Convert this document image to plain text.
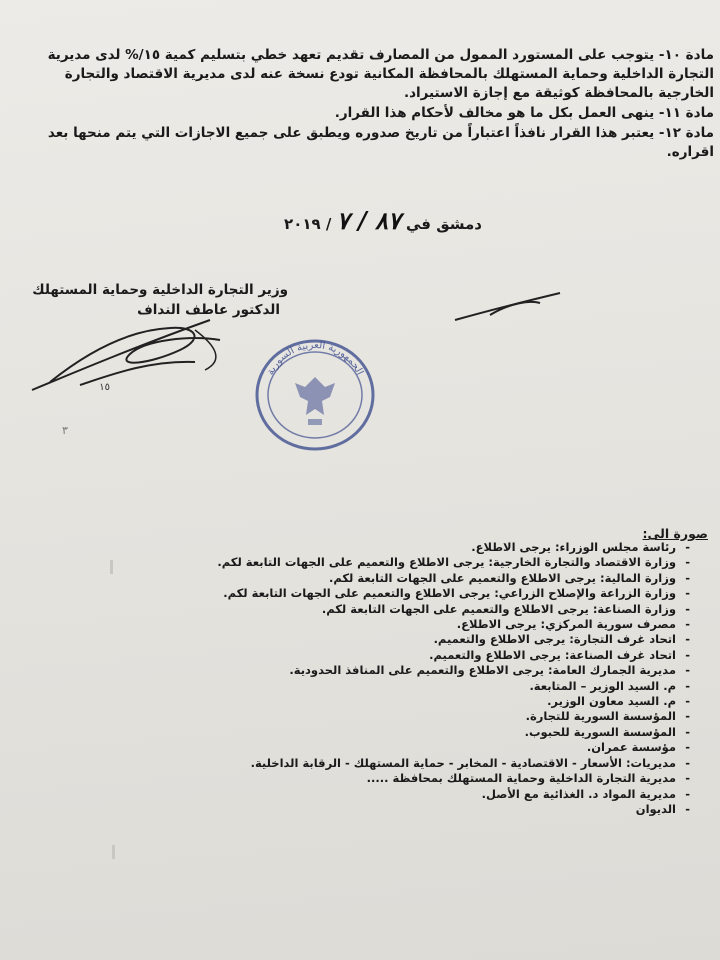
مادة ١٠- يتوجب على المستورد الممول من المصارف تقديم تعهد خطي بتسليم كمية ١٥/% لدى مديرية التجارة الداخلية وحماية المستهلك بالمحافظة المكانية تودع نسخة عنه لدى مديرية الاقتصاد والتجارة الخارجية بالمحافظة كوثيقة مع إجازة الاستيراد.

مادة ١١- ينهى العمل بكل ما هو مخالف لأحكام هذا القرار.

مادة ١٢- يعتبر هذا القرار نافذاً اعتباراً من تاريخ صدوره ويطبق على جميع الاجازات التي يتم منحها بعد اقراره.

دمشق في ٨٧ / ٧ / ٢٠١٩
وزير التجارة الداخلية وحماية المستهلك
الدكتور عاطف النداف
١٥
الجمهورية العربية السورية
٣
صورة الى:
- رئاسة مجلس الوزراء: يرجى الاطلاع.
- وزارة الاقتصاد والتجارة الخارجية: يرجى الاطلاع والتعميم على الجهات التابعة لكم.
- وزارة المالية: يرجى الاطلاع والتعميم على الجهات التابعة لكم.
- وزارة الزراعة والإصلاح الزراعي: يرجى الاطلاع والتعميم على الجهات التابعة لكم.
- وزارة الصناعة: يرجى الاطلاع والتعميم على الجهات التابعة لكم.
- مصرف سورية المركزي: يرجى الاطلاع.
- اتحاد غرف التجارة: يرجى الاطلاع والتعميم.
- اتحاد غرف الصناعة: يرجى الاطلاع والتعميم.
- مديرية الجمارك العامة: يرجى الاطلاع والتعميم على المنافذ الحدودية.
- م. السيد الوزير – المتابعة.
- م. السيد معاون الوزير.
- المؤسسة السورية للتجارة.
- المؤسسة السورية للحبوب.
- مؤسسة عمران.
- مديريات: الأسعار - الاقتصادية - المخابر - حماية المستهلك - الرقابة الداخلية.
- مديرية التجارة الداخلية وحماية المستهلك بمحافظة .....
- مديرية المواد د. الغذائية مع الأصل.
- الديوان
